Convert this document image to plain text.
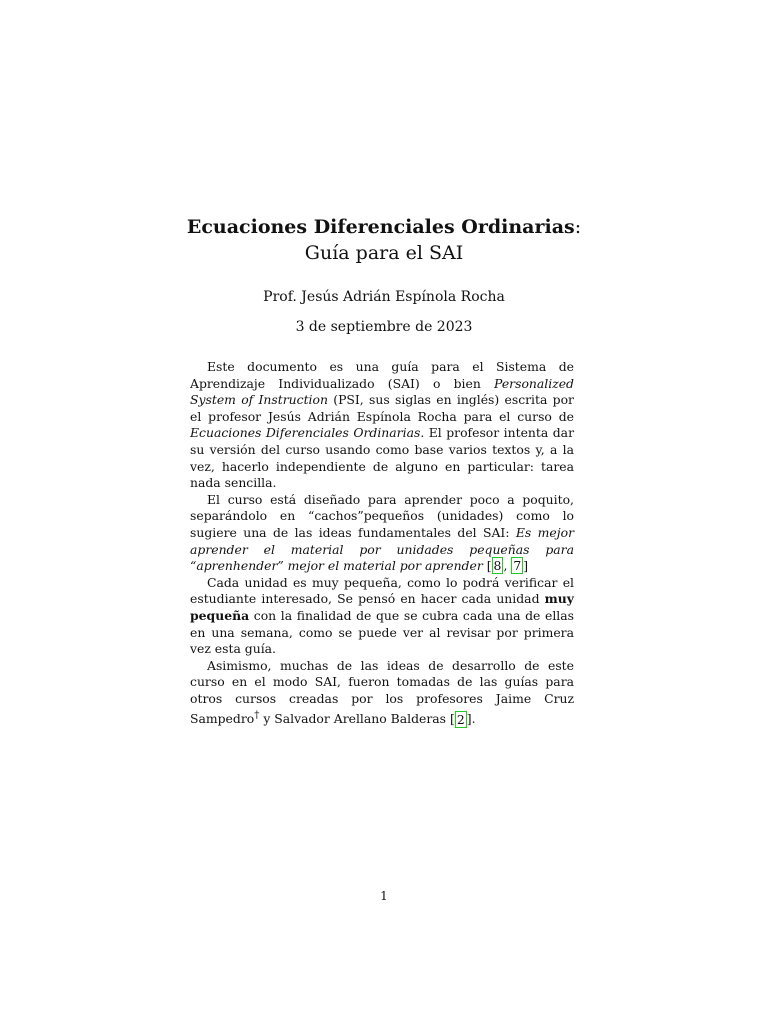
Ecuaciones Diferenciales Ordinarias:
Guía para el SAI
Prof. Jesús Adrián Espínola Rocha
3 de septiembre de 2023

Este documento es una guía para el Sistema de Aprendizaje Individualizado (SAI) o bien Personalized System of Instruction (PSI, sus siglas en inglés) escrita por el profesor Jesús Adrián Espínola Rocha para el curso de Ecuaciones Diferenciales Ordinarias. El profesor intenta dar su versión del curso usando como base varios textos y, a la vez, hacerlo independiente de alguno en particular: tarea nada sencilla.

El curso está diseñado para aprender poco a poquito, separándolo en “cachos”pequeños (unidades) como lo sugiere una de las ideas fundamentales del SAI: Es mejor aprender el material por unidades pequeñas para “aprenhender” mejor el material por aprender [ 8 , 7 ]

Cada unidad es muy pequeña, como lo podrá verificar el estudiante interesado, Se pensó en hacer cada unidad muy pequeña con la finalidad de que se cubra cada una de ellas en una semana, como se puede ver al revisar por primera vez esta guía.

Asimismo, muchas de las ideas de desarrollo de este curso en el modo SAI, fueron tomadas de las guías para otros cursos creadas por los profesores Jaime Cruz Sampedro† y Salvador Arellano Balderas [ 2 ].

1
